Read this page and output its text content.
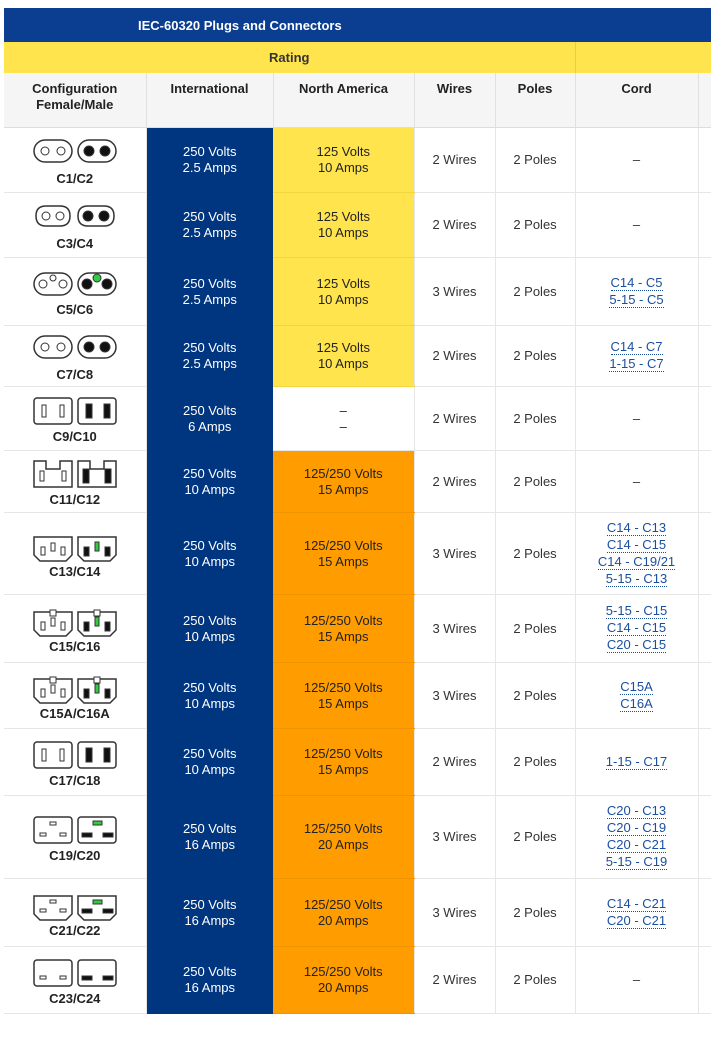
IEC-60320 Plugs and Connectors
Rating						

Configuration
Female/Male	International	North America	Wires	Poles	Cord	

C1/C2	250 Volts
2.5 Amps	125 Volts
10 Amps	2 Wires	2 Poles	–	

C3/C4	250 Volts
2.5 Amps	125 Volts
10 Amps	2 Wires	2 Poles	–	

C5/C6	250 Volts
2.5 Amps	125 Volts
10 Amps	3 Wires	2 Poles	C14 - C5
5-15 - C5	

C7/C8	250 Volts
2.5 Amps	125 Volts
10 Amps	2 Wires	2 Poles	C14 - C7
1-15 - C7	

C9/C10	250 Volts
6 Amps	–
–	2 Wires	2 Poles	–	

C11/C12	250 Volts
10 Amps	125/250 Volts
15 Amps	2 Wires	2 Poles	–	

C13/C14	250 Volts
10 Amps	125/250 Volts
15 Amps	3 Wires	2 Poles	C14 - C13
C14 - C15
C14 - C19/21
5-15 - C13	

C15/C16	250 Volts
10 Amps	125/250 Volts
15 Amps	3 Wires	2 Poles	5-15 - C15
C14 - C15
C20 - C15	

C15A/C16A	250 Volts
10 Amps	125/250 Volts
15 Amps	3 Wires	2 Poles	C15A
C16A	

C17/C18	250 Volts
10 Amps	125/250 Volts
15 Amps	2 Wires	2 Poles	1-15 - C17	

C19/C20	250 Volts
16 Amps	125/250 Volts
20 Amps	3 Wires	2 Poles	C20 - C13
C20 - C19
C20 - C21
5-15 - C19	

C21/C22	250 Volts
16 Amps	125/250 Volts
20 Amps	3 Wires	2 Poles	C14 - C21
C20 - C21	

C23/C24	250 Volts
16 Amps	125/250 Volts
20 Amps	2 Wires	2 Poles	–	
